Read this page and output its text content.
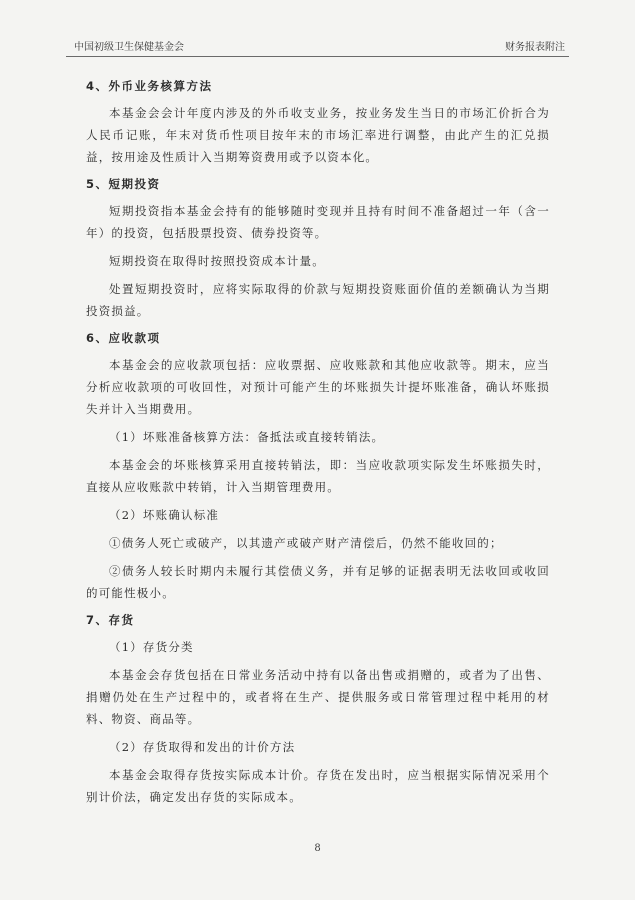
中国初级卫生保健基金会	财务报表附注

4、外币业务核算方法

本基金会会计年度内涉及的外币收支业务，按业务发生当日的市场汇价折合为人民币记账，年末对货币性项目按年末的市场汇率进行调整，由此产生的汇兑损益，按用途及性质计入当期筹资费用或予以资本化。

5、短期投资

短期投资指本基金会持有的能够随时变现并且持有时间不准备超过一年（含一年）的投资，包括股票投资、债券投资等。

短期投资在取得时按照投资成本计量。

处置短期投资时，应将实际取得的价款与短期投资账面价值的差额确认为当期投资损益。

6、应收款项

本基金会的应收款项包括：应收票据、应收账款和其他应收款等。期末，应当分析应收款项的可收回性，对预计可能产生的坏账损失计提坏账准备，确认坏账损失并计入当期费用。

（1）坏账准备核算方法：备抵法或直接转销法。

本基金会的坏账核算采用直接转销法，即：当应收款项实际发生坏账损失时，直接从应收账款中转销，计入当期管理费用。

（2）坏账确认标准

①债务人死亡或破产，以其遗产或破产财产清偿后，仍然不能收回的；

②债务人较长时期内未履行其偿债义务，并有足够的证据表明无法收回或收回的可能性极小。

7、存货

（1）存货分类

本基金会存货包括在日常业务活动中持有以备出售或捐赠的，或者为了出售、捐赠仍处在生产过程中的，或者将在生产、提供服务或日常管理过程中耗用的材料、物资、商品等。

（2）存货取得和发出的计价方法

本基金会取得存货按实际成本计价。存货在发出时，应当根据实际情况采用个别计价法，确定发出存货的实际成本。

8
